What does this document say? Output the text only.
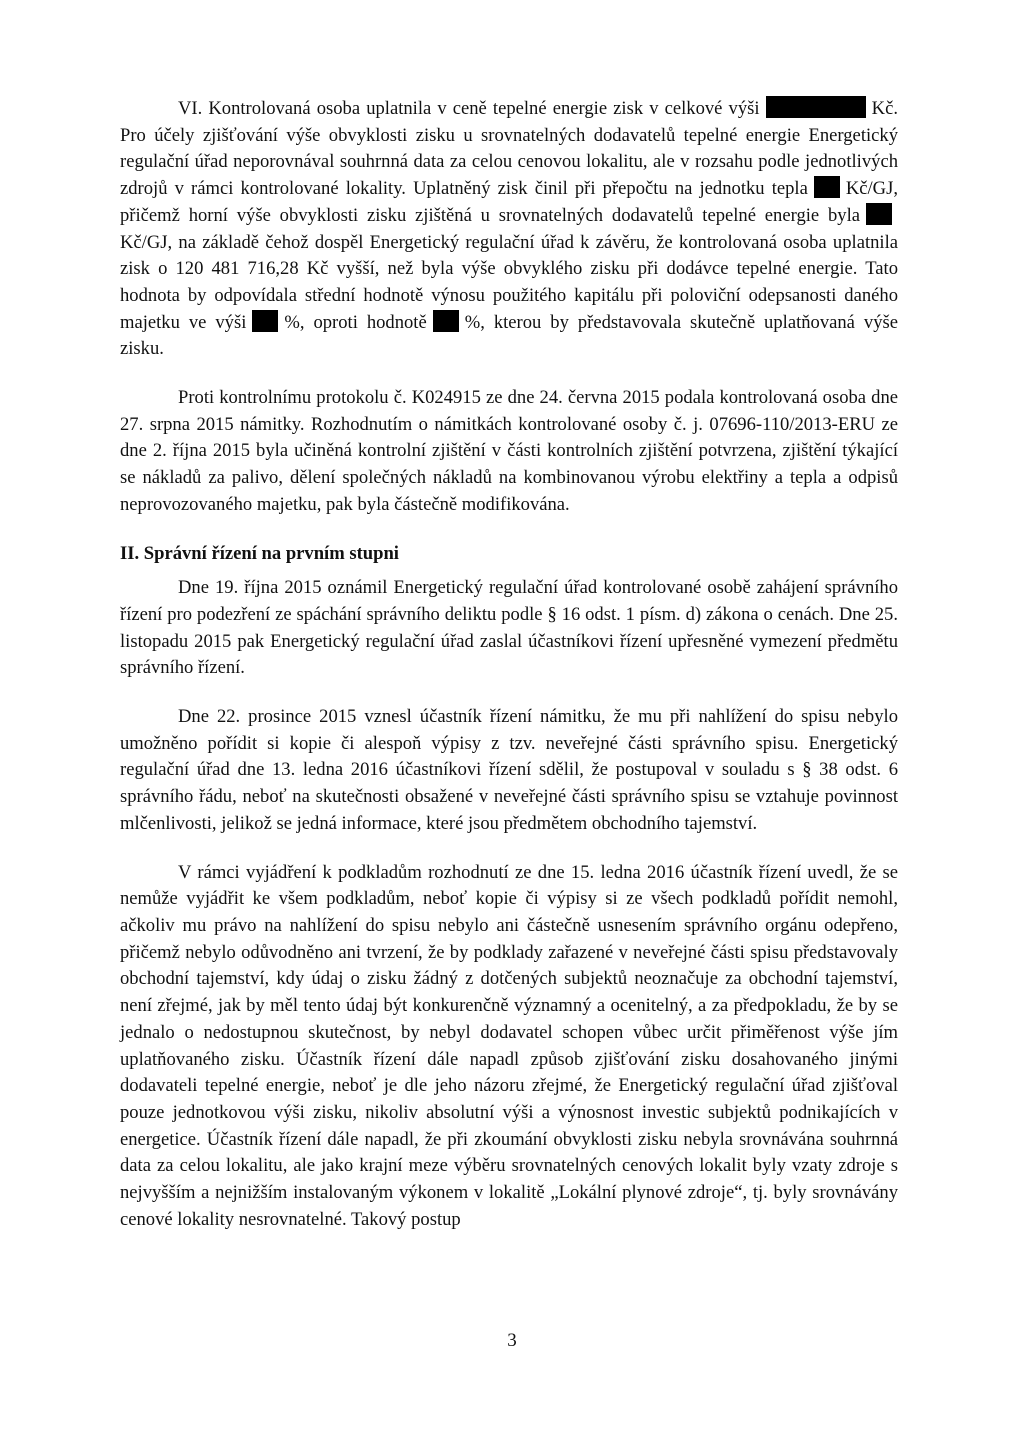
VI. Kontrolovaná osoba uplatnila v ceně tepelné energie zisk v celkové výši	Kč. Pro účely zjišťování výše obvyklosti zisku u srovnatelných dodavatelů tepelné energie Energetický regulační úřad neporovnával souhrnná data za celou cenovou lokalitu, ale v rozsahu podle jednotlivých zdrojů v rámci kontrolované lokality. Uplatněný zisk činil při přepočtu na jednotku tepla Kč/GJ, přičemž horní výše obvyklosti zisku zjištěná u srovnatelných dodavatelů tepelné energie bylaKč/GJ, na základě čehož dospěl Energetický regulační úřad k závěru, že kontrolovaná osoba uplatnila zisk o 120 481 716,28 Kč vyšší, než byla výše obvyklého zisku při dodávce tepelné energie. Tato hodnota by odpovídala střední hodnotě výnosu použitého kapitálu při poloviční odepsanosti daného majetku ve výši %, oproti hodnotě %, kterou by představovala skutečně uplatňovaná výše zisku.

Proti kontrolnímu protokolu č. K024915 ze dne 24. června 2015 podala kontrolovaná osoba dne 27. srpna 2015 námitky. Rozhodnutím o námitkách kontrolované osoby č. j. 07696-110/2013-ERU ze dne 2. října 2015 byla učiněná kontrolní zjištění v části kontrolních zjištění potvrzena, zjištění týkající se nákladů za palivo, dělení společných nákladů na kombinovanou výrobu elektřiny a tepla a odpisů neprovozovaného majetku, pak byla částečně modifikována.

II. Správní řízení na prvním stupni

Dne 19. října 2015 oznámil Energetický regulační úřad kontrolované osobě zahájení správního řízení pro podezření ze spáchání správního deliktu podle § 16 odst. 1 písm. d) zákona o cenách. Dne 25. listopadu 2015 pak Energetický regulační úřad zaslal účastníkovi řízení upřesněné vymezení předmětu správního řízení.

Dne 22. prosince 2015 vznesl účastník řízení námitku, že mu při nahlížení do spisu nebylo umožněno pořídit si kopie či alespoň výpisy z tzv. neveřejné části správního spisu. Energetický regulační úřad dne 13. ledna 2016 účastníkovi řízení sdělil, že postupoval v souladu s § 38 odst. 6 správního řádu, neboť na skutečnosti obsažené v neveřejné části správního spisu se vztahuje povinnost mlčenlivosti, jelikož se jedná informace, které jsou předmětem obchodního tajemství.

V rámci vyjádření k podkladům rozhodnutí ze dne 15. ledna 2016 účastník řízení uvedl, že se nemůže vyjádřit ke všem podkladům, neboť kopie či výpisy si ze všech podkladů pořídit nemohl, ačkoliv mu právo na nahlížení do spisu nebylo ani částečně usnesením správního orgánu odepřeno, přičemž nebylo odůvodněno ani tvrzení, že by podklady zařazené v neveřejné části spisu představovaly obchodní tajemství, kdy údaj o zisku žádný z dotčených subjektů neoznačuje za obchodní tajemství, není zřejmé, jak by měl tento údaj být konkurenčně významný a ocenitelný, a za předpokladu, že by se jednalo o nedostupnou skutečnost, by nebyl dodavatel schopen vůbec určit přiměřenost výše jím uplatňovaného zisku. Účastník řízení dále napadl způsob zjišťování zisku dosahovaného jinými dodavateli tepelné energie, neboť je dle jeho názoru zřejmé, že Energetický regulační úřad zjišťoval pouze jednotkovou výši zisku, nikoliv absolutní výši a výnosnost investic subjektů podnikajících v energetice. Účastník řízení dále napadl, že při zkoumání obvyklosti zisku nebyla srovnávána souhrnná data za celou lokalitu, ale jako krajní meze výběru srovnatelných cenových lokalit byly vzaty zdroje s nejvyšším a nejnižším instalovaným výkonem v lokalitě „Lokální plynové zdroje“, tj. byly srovnávány cenové lokality nesrovnatelné. Takový postup

3
